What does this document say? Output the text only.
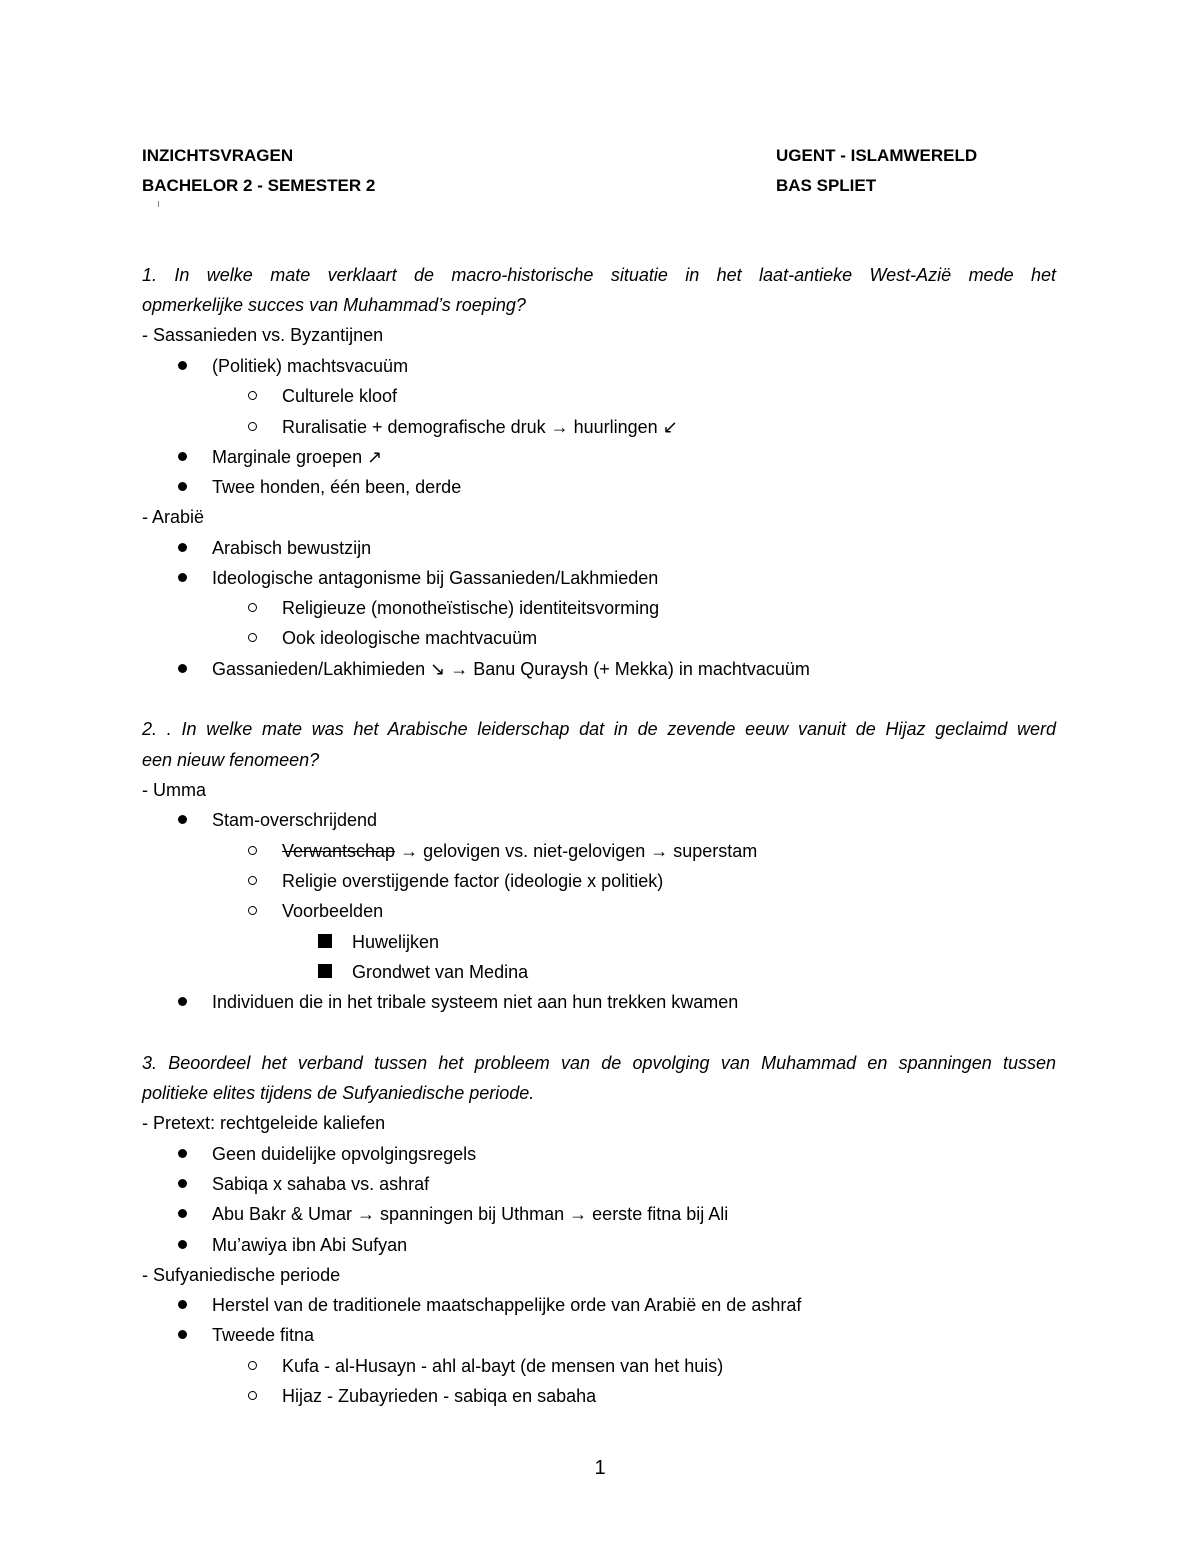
INZICHTSVRAGEN
BACHELOR 2 - SEMESTER 2
UGENT - ISLAMWERELD
BAS SPLIET
1. In welke mate verklaart de macro-historische situatie in het laat-antieke West-Azië mede het
opmerkelijke succes van Muhammad’s roeping?
- Sassanieden vs. Byzantijnen
(Politiek) machtsvacuüm
Culturele kloof
Ruralisatie + demografische druk → huurlingen ↙
Marginale groepen ↗
Twee honden, één been, derde
- Arabië
Arabisch bewustzijn
Ideologische antagonisme bij Gassanieden/Lakhmieden
Religieuze (monotheïstische) identiteitsvorming
Ook ideologische machtvacuüm
Gassanieden/Lakhimieden ↘ → Banu Quraysh (+ Mekka) in machtvacuüm
2. . In welke mate was het Arabische leiderschap dat in de zevende eeuw vanuit de Hijaz geclaimd werd
een nieuw fenomeen?
- Umma
Stam-overschrijdend
Verwantschap → gelovigen vs. niet-gelovigen → superstam
Religie overstijgende factor (ideologie x politiek)
Voorbeelden
Huwelijken
Grondwet van Medina
Individuen die in het tribale systeem niet aan hun trekken kwamen
3. Beoordeel het verband tussen het probleem van de opvolging van Muhammad en spanningen tussen
politieke elites tijdens de Sufyaniedische periode.
- Pretext: rechtgeleide kaliefen
Geen duidelijke opvolgingsregels
Sabiqa x sahaba vs. ashraf
Abu Bakr & Umar → spanningen bij Uthman → eerste fitna bij Ali
Mu’awiya ibn Abi Sufyan
- Sufyaniedische periode
Herstel van de traditionele maatschappelijke orde van Arabië en de ashraf
Tweede fitna
Kufa - al-Husayn - ahl al-bayt (de mensen van het huis)
Hijaz - Zubayrieden - sabiqa en sabaha
1
